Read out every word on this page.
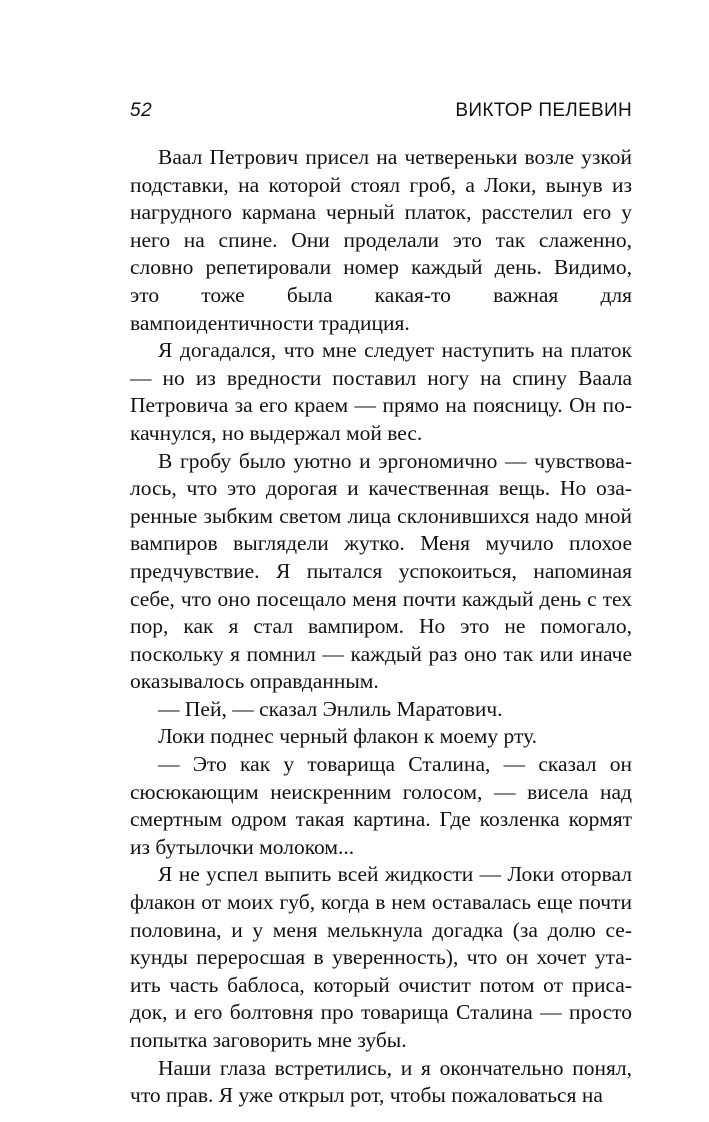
52	ВИКТОР ПЕЛЕВИН

Ваал Петрович присел на четвереньки возле узкой подставки, на которой стоял гроб, а Локи, вынув из нагрудного кармана черный платок, расстелил его у него на спине. Они проделали это так слаженно, словно репетировали номер каждый день. Видимо, это тоже была какая-то важная для вампоидентичности традиция.

Я догадался, что мне следует наступить на платок — но из вредности поставил ногу на спину Ваала Петровича за его краем — прямо на поясницу. Он покачнулся, но выдержал мой вес.

В гробу было уютно и эргономично — чувствовалось, что это дорогая и качественная вещь. Но озаренные зыбким светом лица склонившихся надо мной вампиров выглядели жутко. Меня мучило плохое предчувствие. Я пытался успокоиться, напоминая себе, что оно посещало меня почти каждый день с тех пор, как я стал вампиром. Но это не помогало, поскольку я помнил — каждый раз оно так или иначе оказывалось оправданным.

— Пей, — сказал Энлиль Маратович.

Локи поднес черный флакон к моему рту.

— Это как у товарища Сталина, — сказал он сюсюкающим неискренним голосом, — висела над смертным одром такая картина. Где козленка кормят из бутылочки молоком...

Я не успел выпить всей жидкости — Локи оторвал флакон от моих губ, когда в нем оставалась еще почти половина, и у меня мелькнула догадка (за долю секунды переросшая в уверенность), что он хочет утаить часть баблоса, который очистит потом от присадок, и его болтовня про товарища Сталина — просто попытка заговорить мне зубы.

Наши глаза встретились, и я окончательно понял, что прав. Я уже открыл рот, чтобы пожаловаться на
